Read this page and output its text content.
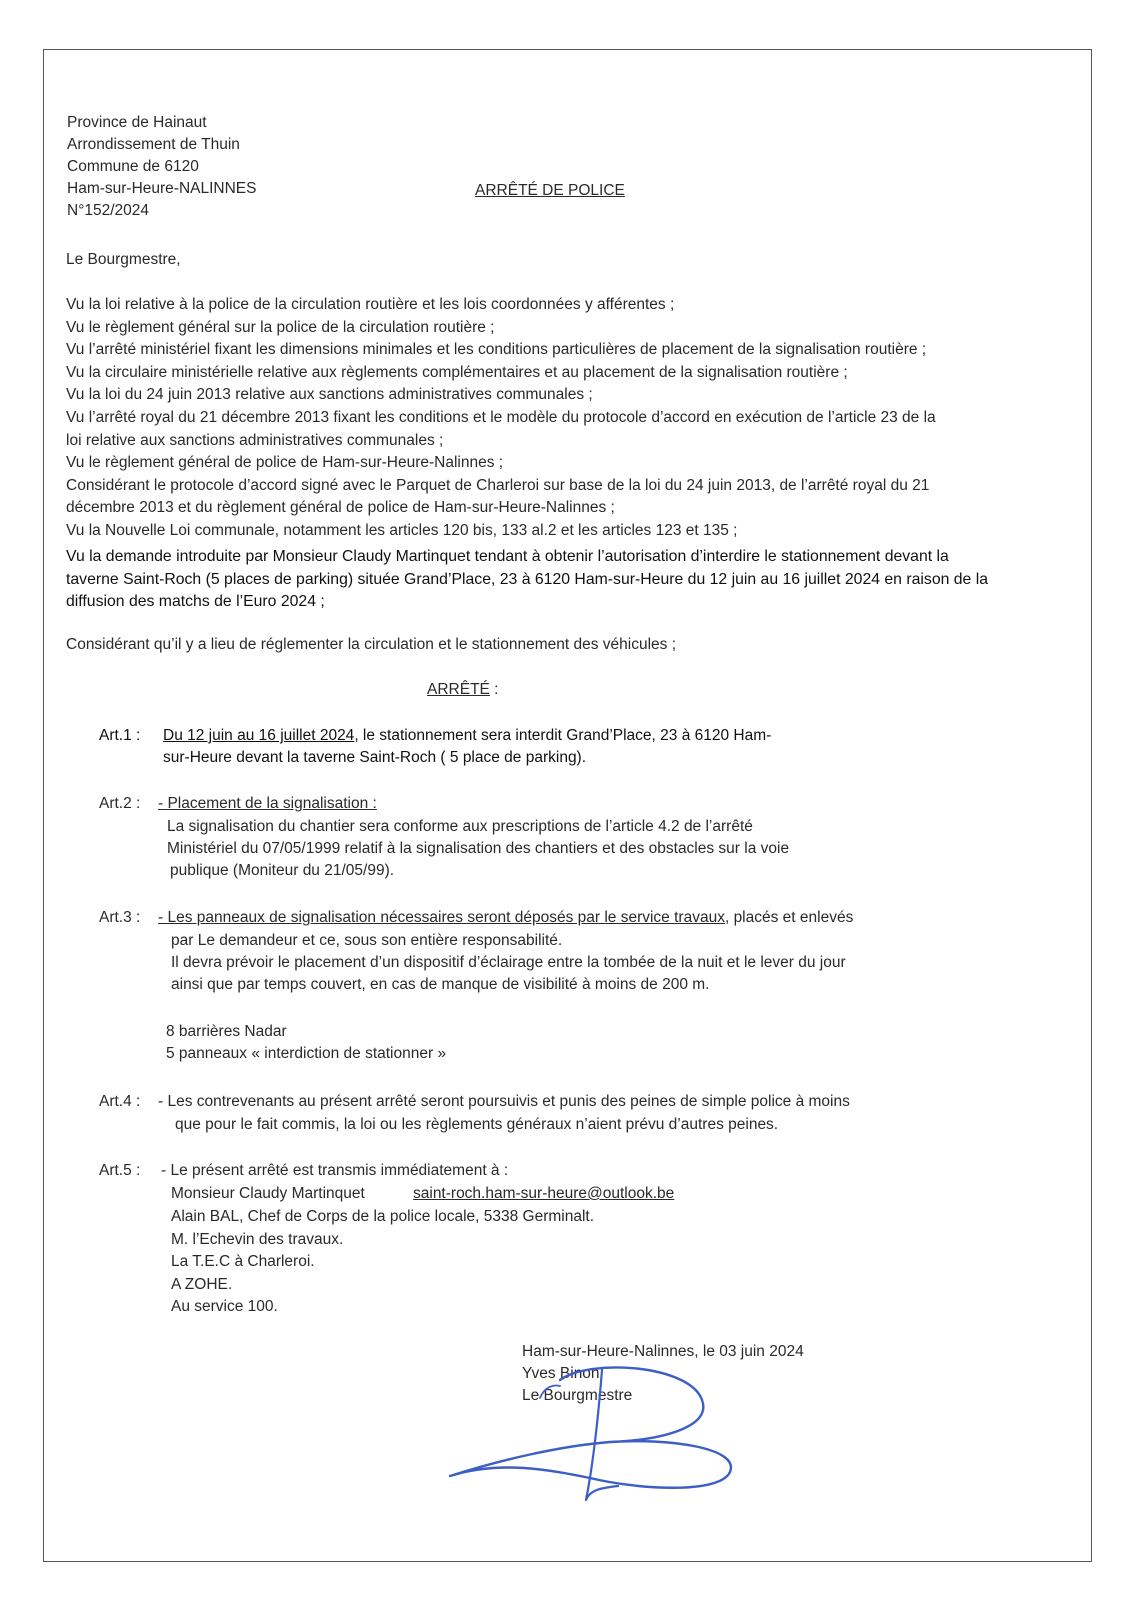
Province de Hainaut
Arrondissement de Thuin
Commune de 6120
Ham-sur-Heure-NALINNES
N°152/2024
ARRÊTÉ DE POLICE
Le Bourgmestre,
Vu la loi relative à la police de la circulation routière et les lois coordonnées y afférentes ;
Vu le règlement général sur la police de la circulation routière ;
Vu l’arrêté ministériel fixant les dimensions minimales et les conditions particulières de placement de la signalisation routière ;
Vu la circulaire ministérielle relative aux règlements complémentaires et au placement de la signalisation routière ;
Vu la loi du 24 juin 2013 relative aux sanctions administratives communales ;
Vu l’arrêté royal du 21 décembre 2013 fixant les conditions et le modèle du protocole d’accord en exécution de l’article 23 de la
loi relative aux sanctions administratives communales ;
Vu le règlement général de police de Ham-sur-Heure-Nalinnes ;
Considérant le protocole d’accord signé avec le Parquet de Charleroi sur base de la loi du 24 juin 2013, de l’arrêté royal du 21
décembre 2013 et du règlement général de police de Ham-sur-Heure-Nalinnes ;
Vu la Nouvelle Loi communale, notamment les articles 120 bis, 133 al.2 et les articles 123 et 135 ;
Vu la demande introduite par Monsieur Claudy Martinquet tendant à obtenir l’autorisation d’interdire le stationnement devant la
taverne Saint-Roch (5 places de parking) située Grand’Place, 23 à 6120 Ham-sur-Heure du 12 juin au 16 juillet 2024 en raison de la
diffusion des matchs de l’Euro 2024 ;
Considérant qu’il y a lieu de réglementer la circulation et le stationnement des véhicules ;
ARRÊTÉ :
Art.1 : Du 12 juin au 16 juillet 2024, le stationnement sera interdit Grand’Place, 23 à 6120 Ham-
sur-Heure devant la taverne Saint-Roch ( 5 place de parking).
Art.2 : - Placement de la signalisation :
La signalisation du chantier sera conforme aux prescriptions de l’article 4.2 de l’arrêté
Ministériel du 07/05/1999 relatif à la signalisation des chantiers et des obstacles sur la voie
publique (Moniteur du 21/05/99).
Art.3 : - Les panneaux de signalisation nécessaires seront déposés par le service travaux, placés et enlevés
par Le demandeur et ce, sous son entière responsabilité.
Il devra prévoir le placement d’un dispositif d’éclairage entre la tombée de la nuit et le lever du jour
ainsi que par temps couvert, en cas de manque de visibilité à moins de 200 m.
8 barrières Nadar
5 panneaux « interdiction de stationner »
Art.4 : - Les contrevenants au présent arrêté seront poursuivis et punis des peines de simple police à moins
que pour le fait commis, la loi ou les règlements généraux n’aient prévu d’autres peines.
Art.5 : - Le présent arrêté est transmis immédiatement à :
Monsieur Claudy Martinquet	saint-roch.ham-sur-heure@outlook.be
Alain BAL, Chef de Corps de la police locale, 5338 Germinalt.
M. l’Echevin des travaux.
La T.E.C à Charleroi.
A ZOHE.
Au service 100.
Ham-sur-Heure-Nalinnes, le 03 juin 2024
Yves Binon
Le Bourgmestre
